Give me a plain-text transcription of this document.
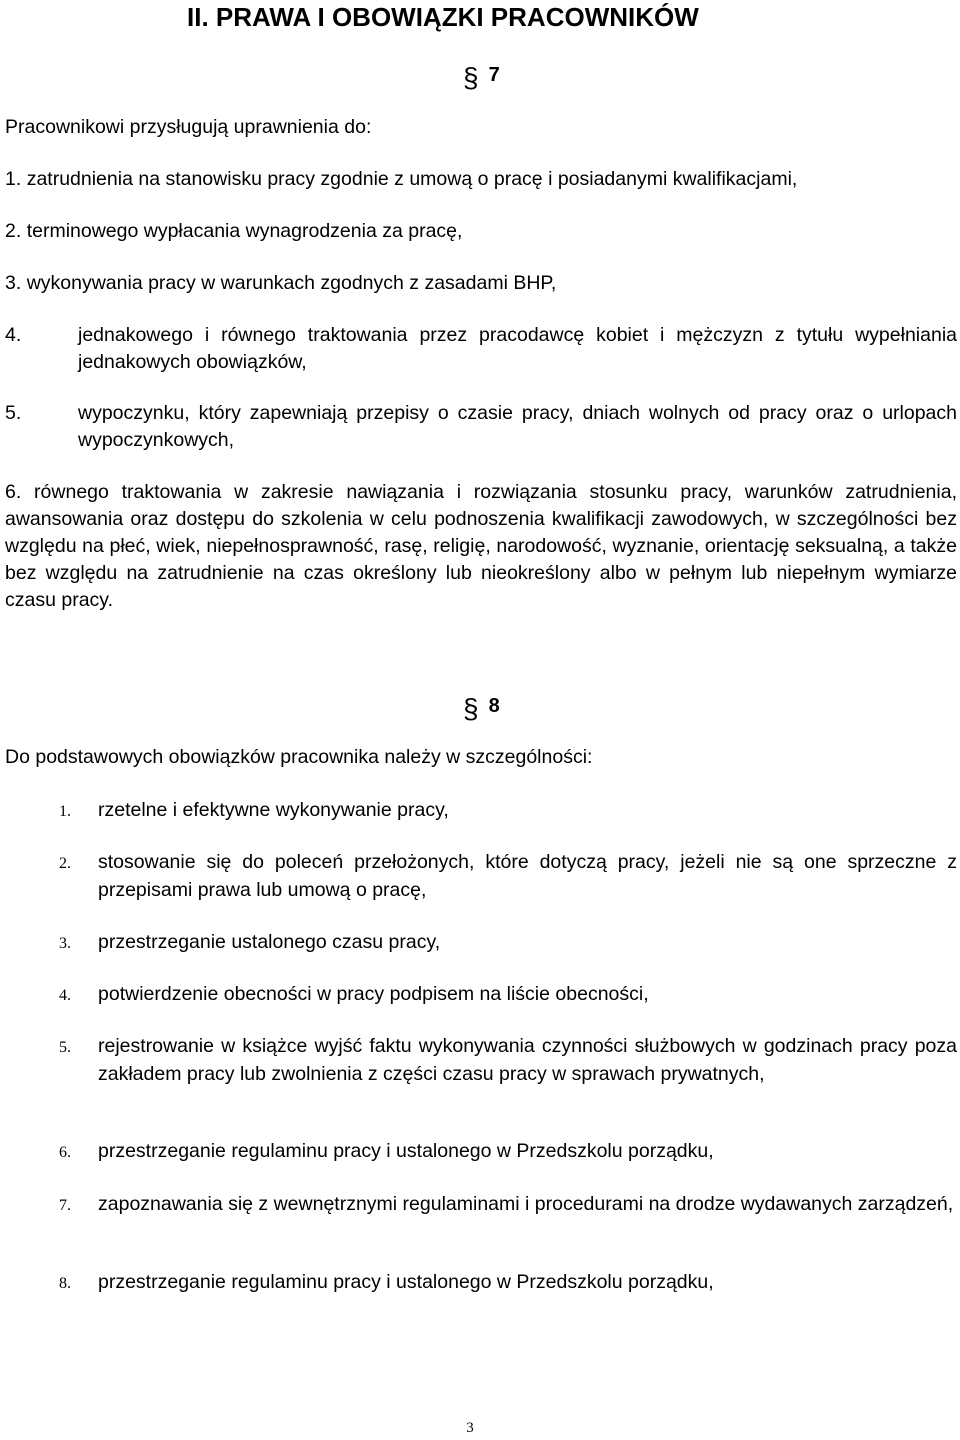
II. PRAWA I OBOWIĄZKI PRACOWNIKÓW
§ 7
Pracownikowi przysługują uprawnienia do:
1. zatrudnienia na stanowisku pracy zgodnie z umową o pracę i posiadanymi kwalifikacjami,
2. terminowego wypłacania wynagrodzenia za pracę,
3. wykonywania pracy w warunkach zgodnych z zasadami BHP,
4.	jednakowego i równego traktowania przez pracodawcę kobiet i mężczyzn z tytułu wypełniania jednakowych obowiązków,
5.	wypoczynku, który zapewniają przepisy o czasie pracy, dniach wolnych od pracy oraz o urlopach wypoczynkowych,
6. równego traktowania w zakresie nawiązania i rozwiązania stosunku pracy, warunków zatrudnienia, awansowania oraz dostępu do szkolenia w celu podnoszenia kwalifikacji zawodowych, w szczególności bez względu na płeć, wiek, niepełnosprawność, rasę, religię, narodowość, wyznanie, orientację seksualną, a także bez względu na zatrudnienie na czas określony lub nieokreślony albo w pełnym lub niepełnym wymiarze czasu pracy.
§ 8
Do podstawowych obowiązków pracownika należy w szczególności:
1. rzetelne i efektywne wykonywanie pracy,
2. stosowanie się do poleceń przełożonych, które dotyczą pracy, jeżeli nie są one sprzeczne z przepisami prawa lub umową o pracę,
3. przestrzeganie ustalonego czasu pracy,
4. potwierdzenie obecności w pracy podpisem na liście obecności,
5. rejestrowanie w książce wyjść faktu wykonywania czynności służbowych w godzinach pracy poza zakładem pracy lub zwolnienia z części czasu pracy w sprawach prywatnych,
6. przestrzeganie regulaminu pracy i ustalonego w Przedszkolu porządku,
7. zapoznawania się z wewnętrznymi regulaminami i procedurami na drodze wydawanych zarządzeń,
8. przestrzeganie regulaminu pracy i ustalonego w Przedszkolu porządku,
3
